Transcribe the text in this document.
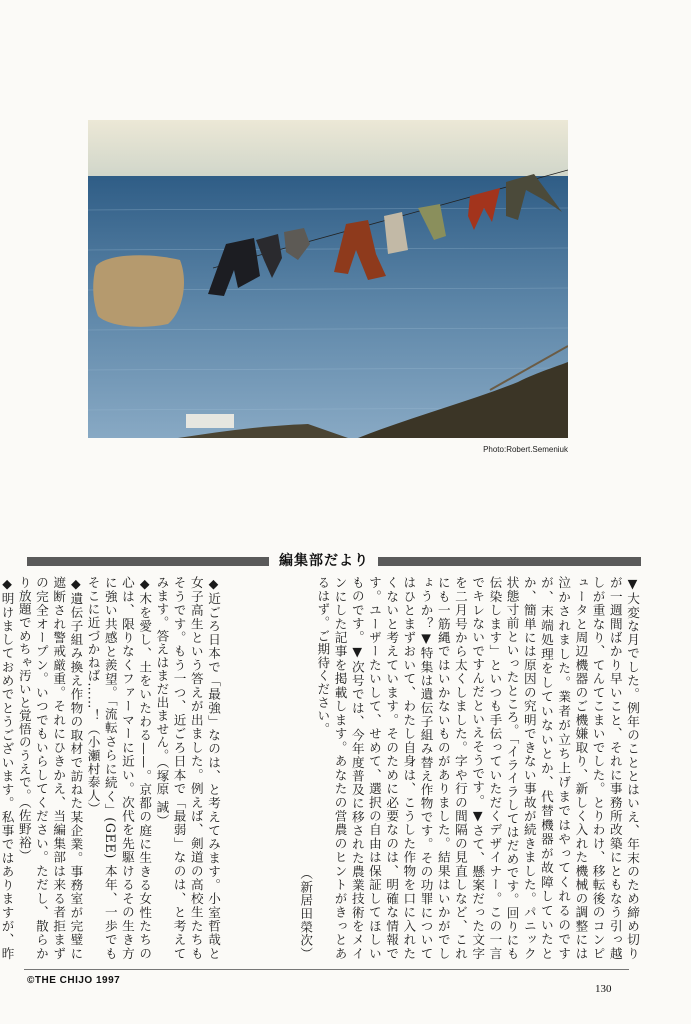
Photo:Robert.Semeniuk
編集部だより

▼大変な月でした。例年のこととはいえ、年末のため締め切りが一週間ばかり早いこと、それに事務所改築にともなう引っ越しが重なり、てんてこまいでした。とりわけ、移転後のコンピュータと周辺機器のご機嫌取り、新しく入れた機械の調整には泣かされました。業者が立ち上げまではやってくれるのですが、末端処理をしていないとか、代替機器が故障していたとか、簡単には原因の究明できない事故が続きました。パニック状態寸前といったところ。「イライラしてはだめです。回りにも伝染します」といつも手伝っていただくデザイナー。この一言でキレないですんだといえそうです。▼さて、懸案だった文字を二月号から太くしました。字や行の間隔の見直しなど、これにも一筋縄ではいかないものがありました。結果はいかがでしょうか？▼特集は遺伝子組み替え作物です。その功罪についてはひとまずおいて、わたし自身は、こうした作物を口に入れたくないと考えています。そのために必要なのは、明確な情報です。ユーザーたいして、せめて、選択の自由は保証してほしいものです。▼次号では、今年度普及に移された農業技術をメインにした記事を掲載します。あなたの営農のヒントがきっとあるはず。ご期待ください。

（新居田榮次）

◆近ごろ日本で「最強」なのは、と考えてみます。小室哲哉と女子高生という答えが出ました。例えば、剣道の高校生たちもそうです。もう一つ、近ごろ日本で「最弱」なのは、と考えてみます。答えはまだ出ません。（塚原 誠）

◆木を愛し、土をいたわる——。京都の庭に生きる女性たちの心は、限りなくファーマーに近い。次代を先駆けるその生き方に強い共感と羨望。「流転さらに続く」(GEE) 本年、一歩でもそこに近づかねば……！（小瀬村泰人）

◆遺伝子組み換え作物の取材で訪ねた某企業。事務室が完璧に遮断され警戒厳重。それにひきかえ、当編集部は来る者拒まずの完全オープン。いつでもいらしてください。ただし、散らかり放題でめちゃ汚いと覚悟のうえで。（佐野裕）

◆明けましておめでとうございます。私事ではありますが、昨

©THE CHIJO 1997
130
